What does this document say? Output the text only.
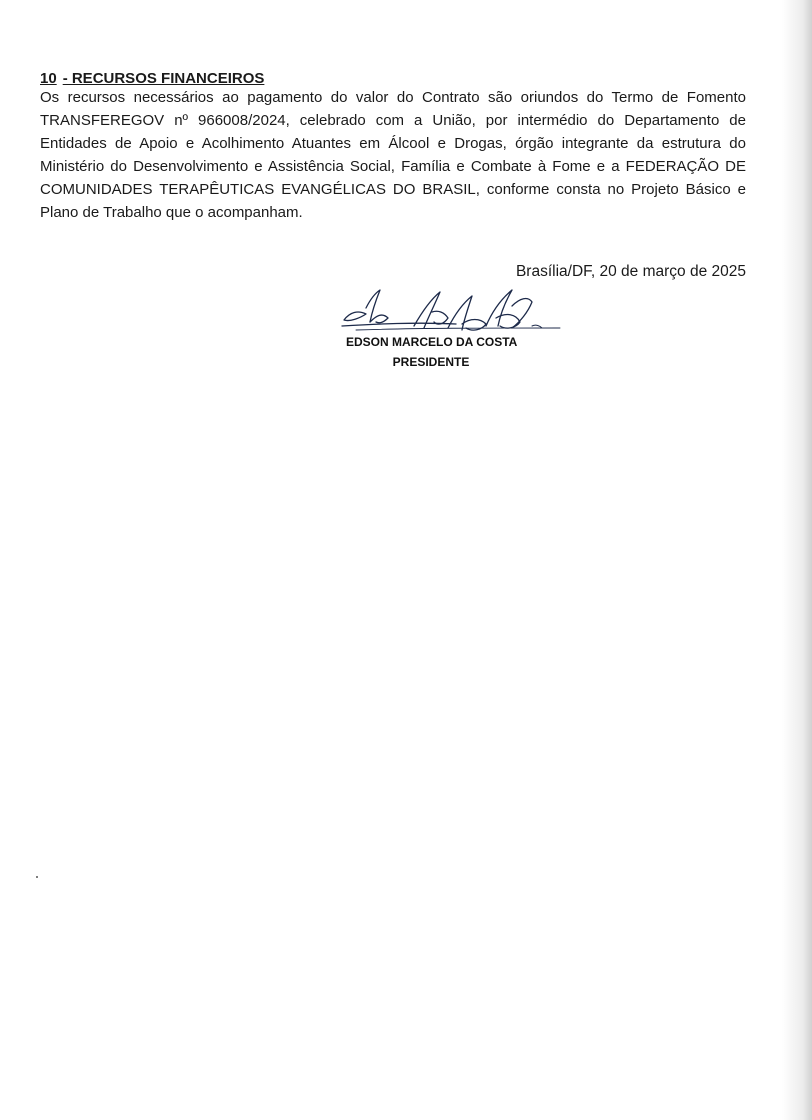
10 - RECURSOS FINANCEIROS
Os recursos necessários ao pagamento do valor do Contrato são oriundos do Termo de Fomento
TRANSFEREGOV nº 966008/2024, celebrado com a União, por intermédio do Departamento de
Entidades de Apoio e Acolhimento Atuantes em Álcool e Drogas, órgão integrante da estrutura do
Ministério do Desenvolvimento e Assistência Social, Família e Combate à Fome e a FEDERAÇÃO DE
COMUNIDADES TERAPÊUTICAS EVANGÉLICAS DO BRASIL, conforme consta no Projeto Básico e
Plano de Trabalho que o acompanham.
Brasília/DF, 20 de março de 2025
EDSON MARCELO DA COSTA
PRESIDENTE
